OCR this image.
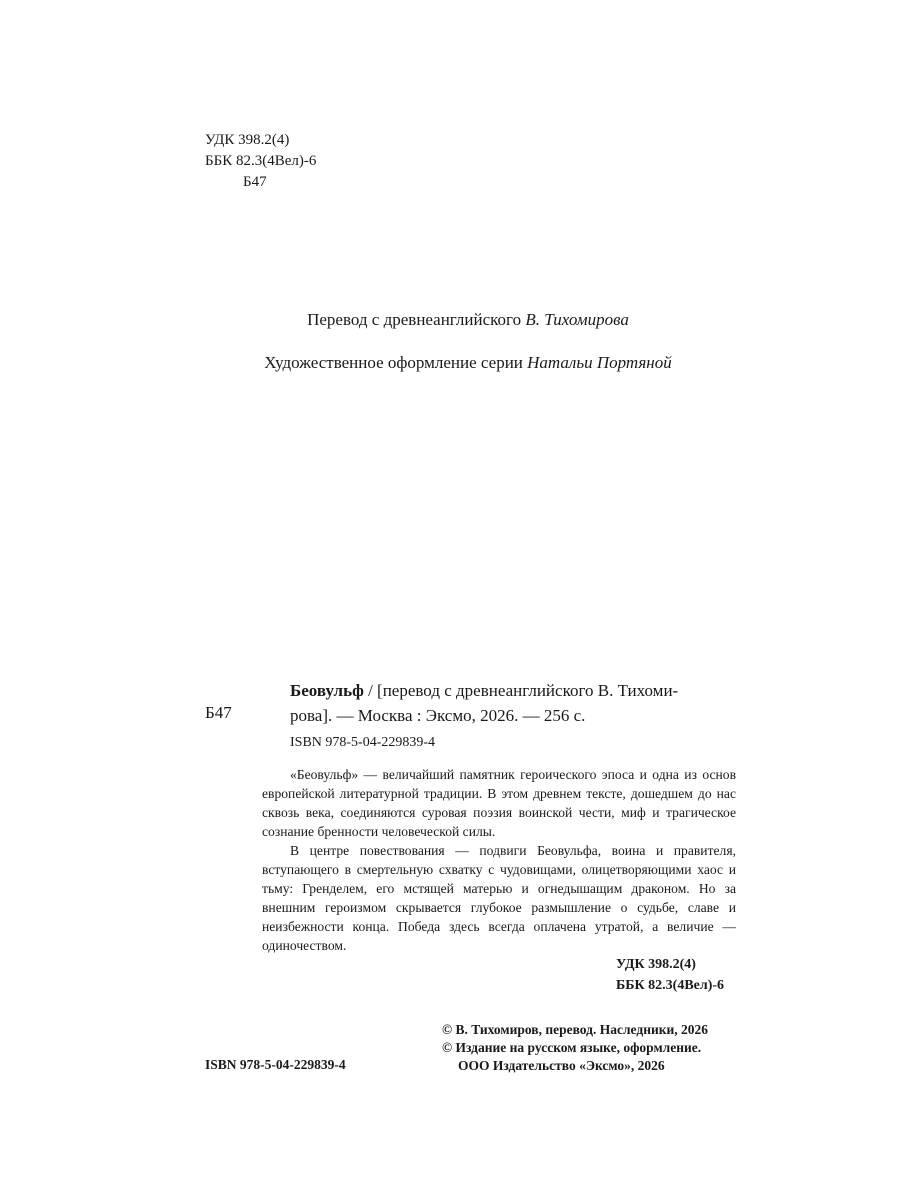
УДК 398.2(4)
ББК 82.3(4Вел)-6
Б47
Перевод с древнеанглийского В. Тихомирова
Художественное оформление серии Натальи Портяной
Б47
Беовульф / [перевод с древнеанглийского В. Тихоми-
рова]. — Москва : Эксмо, 2026. — 256 с.
ISBN 978-5-04-229839-4

«Беовульф» — величайший памятник героического эпоса и одна из основ европейской литературной традиции. В этом древнем тексте, дошедшем до нас сквозь века, соединяются суровая поэзия воинской чести, миф и трагическое сознание бренности человеческой силы.

В центре повествования — подвиги Беовульфа, воина и правителя, вступающего в смертельную схватку с чудовищами, олицетворяющими хаос и тьму: Гренделем, его мстящей матерью и огнедышащим драконом. Но за внешним героизмом скрывается глубокое размышление о судьбе, славе и неизбежности конца. Победа здесь всегда оплачена утратой, а величие — одиночеством.

УДК 398.2(4)
ББК 82.3(4Вел)-6
© В. Тихомиров, перевод. Наследники, 2026
© Издание на русском языке, оформление.
ООО Издательство «Эксмо», 2026
ISBN 978-5-04-229839-4
